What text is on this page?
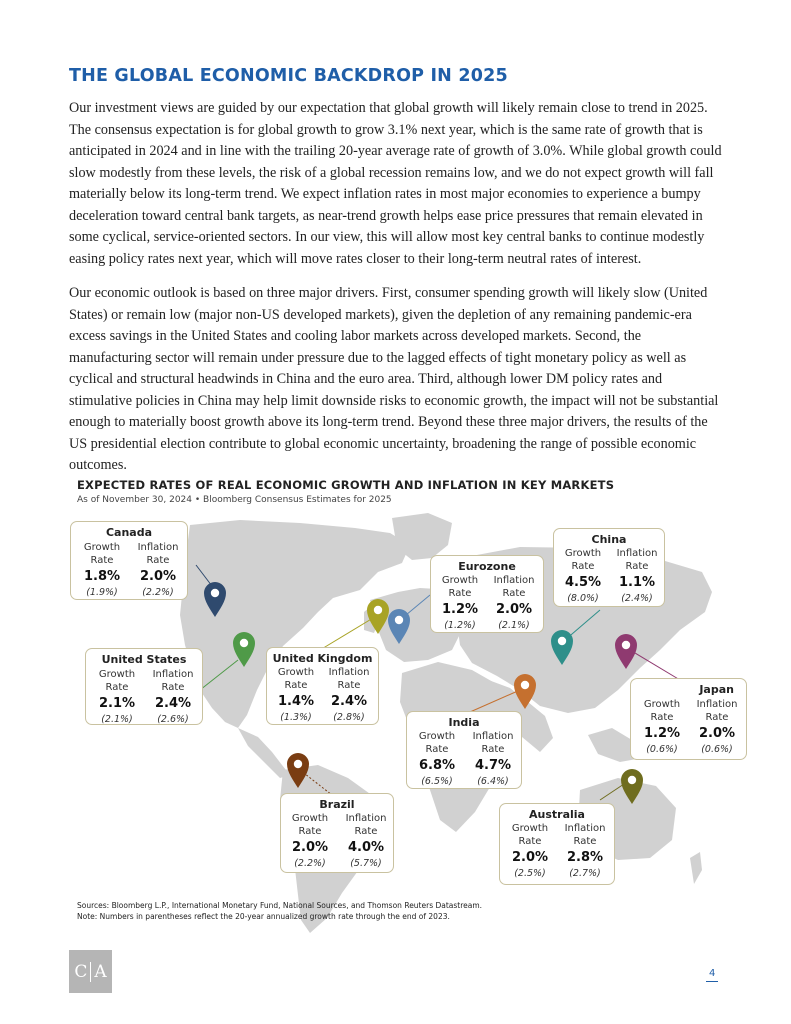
THE GLOBAL ECONOMIC BACKDROP IN 2025

Our investment views are guided by our expectation that global growth will likely remain close to trend in 2025. The consensus expectation is for global growth to grow 3.1% next year, which is the same rate of growth that is anticipated in 2024 and in line with the trailing 20-year average rate of growth of 3.0%. While global growth could slow modestly from these levels, the risk of a global recession remains low, and we do not expect growth will fall materially below its long-term trend. We expect inflation rates in most major economies to experience a bumpy deceleration toward central bank targets, as near-trend growth helps ease price pressures that remain elevated in some cyclical, service-oriented sectors. In our view, this will allow most key central banks to continue modestly easing policy rates next year, which will move rates closer to their long-term neutral rates of interest.

Our economic outlook is based on three major drivers. First, consumer spending growth will likely slow (United States) or remain low (major non-US developed markets), given the depletion of any remaining pandemic-era excess savings in the United States and cooling labor markets across developed markets. Second, the manufacturing sector will remain under pressure due to the lagged effects of tight monetary policy as well as cyclical and structural headwinds in China and the euro area. Third, although lower DM policy rates and stimulative policies in China may help limit downside risks to economic growth, the impact will not be substantial enough to materially boost growth above its long-term trend. Beyond these three major drivers, the results of the US presidential election contribute to global economic uncertainty, broadening the range of possible economic outcomes.

EXPECTED RATES OF REAL ECONOMIC GROWTH AND INFLATION IN KEY MARKETS
As of November 30, 2024 • Bloomberg Consensus Estimates for 2025
Canada
Growth
Rate
1.8%
(1.9%)
Inflation
Rate
2.0%
(2.2%)
United States
Growth
Rate
2.1%
(2.1%)
Inflation
Rate
2.4%
(2.6%)
United Kingdom
Growth
Rate
1.4%
(1.3%)
Inflation
Rate
2.4%
(2.8%)
Eurozone
Growth
Rate
1.2%
(1.2%)
Inflation
Rate
2.0%
(2.1%)
China
Growth
Rate
4.5%
(8.0%)
Inflation
Rate
1.1%
(2.4%)
Japan
Growth
Rate
1.2%
(0.6%)
Inflation
Rate
2.0%
(0.6%)
India
Growth
Rate
6.8%
(6.5%)
Inflation
Rate
4.7%
(6.4%)
Brazil
Growth
Rate
2.0%
(2.2%)
Inflation
Rate
4.0%
(5.7%)
Australia
Growth
Rate
2.0%
(2.5%)
Inflation
Rate
2.8%
(2.7%)
Sources: Bloomberg L.P., International Monetary Fund, National Sources, and Thomson Reuters Datastream.
Note: Numbers in parentheses reflect the 20-year annualized growth rate through the end of 2023.
C A	4
